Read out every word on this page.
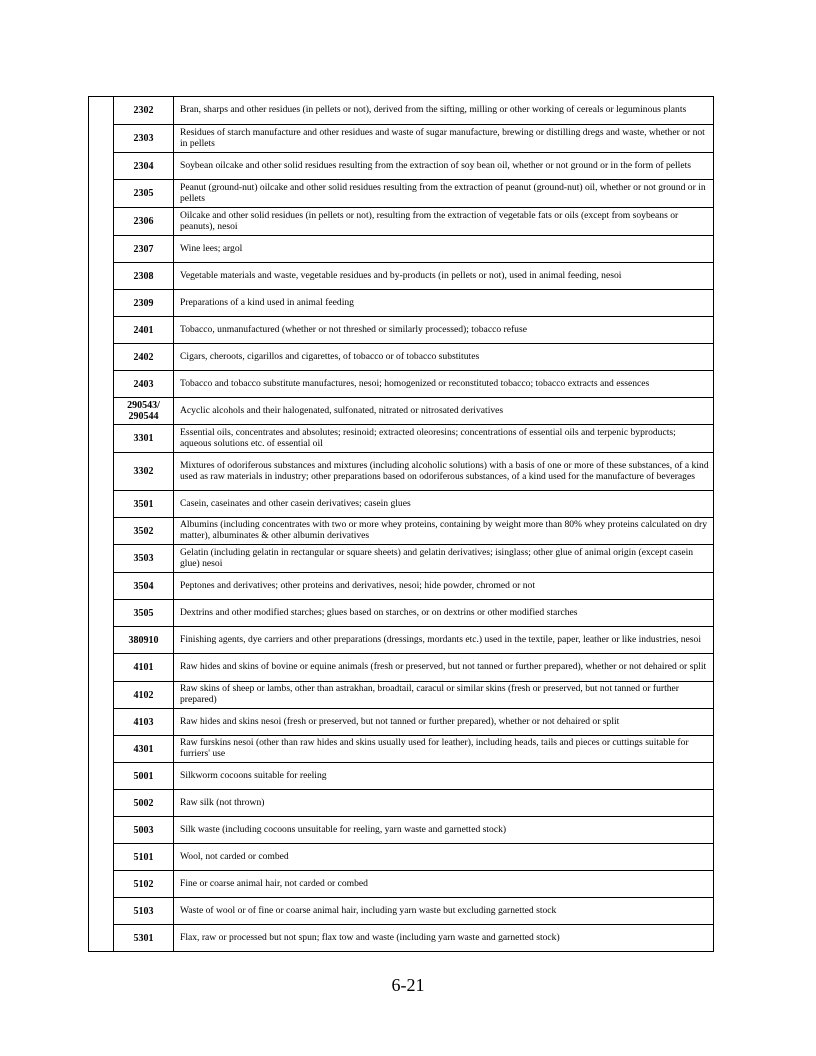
	2302	Bran, sharps and other residues (in pellets or not), derived from the sifting, milling or other working of cereals or leguminous plants
	2303	Residues of starch manufacture and other residues and waste of sugar manufacture, brewing or distilling dregs and waste, whether or not in pellets
	2304	Soybean oilcake and other solid residues resulting from the extraction of soy bean oil, whether or not ground or in the form of pellets
	2305	Peanut (ground-nut) oilcake and other solid residues resulting from the extraction of peanut (ground-nut) oil, whether or not ground or in pellets
	2306	Oilcake and other solid residues (in pellets or not), resulting from the extraction of vegetable fats or oils (except from soybeans or peanuts), nesoi
	2307	Wine lees; argol
	2308	Vegetable materials and waste, vegetable residues and by-products (in pellets or not), used in animal feeding, nesoi
	2309	Preparations of a kind used in animal feeding
	2401	Tobacco, unmanufactured (whether or not threshed or similarly processed); tobacco refuse
	2402	Cigars, cheroots, cigarillos and cigarettes, of tobacco or of tobacco substitutes
	2403	Tobacco and tobacco substitute manufactures, nesoi; homogenized or reconstituted tobacco; tobacco extracts and essences
	290543/ 290544	Acyclic alcohols and their halogenated, sulfonated, nitrated or nitrosated derivatives
	3301	Essential oils, concentrates and absolutes; resinoid; extracted oleoresins; concentrations of essential oils and terpenic byproducts; aqueous solutions etc. of essential oil
	3302	Mixtures of odoriferous substances and mixtures (including alcoholic solutions) with a basis of one or more of these substances, of a kind used as raw materials in industry; other preparations based on odoriferous substances, of a kind used for the manufacture of beverages
	3501	Casein, caseinates and other casein derivatives; casein glues
	3502	Albumins (including concentrates with two or more whey proteins, containing by weight more than 80% whey proteins calculated on dry matter), albuminates & other albumin derivatives
	3503	Gelatin (including gelatin in rectangular or square sheets) and gelatin derivatives; isinglass; other glue of animal origin (except casein glue) nesoi
	3504	Peptones and derivatives; other proteins and derivatives, nesoi; hide powder, chromed or not
	3505	Dextrins and other modified starches; glues based on starches, or on dextrins or other modified starches
	380910	Finishing agents, dye carriers and other preparations (dressings, mordants etc.) used in the textile, paper, leather or like industries, nesoi
	4101	Raw hides and skins of bovine or equine animals (fresh or preserved, but not tanned or further prepared), whether or not dehaired or split
	4102	Raw skins of sheep or lambs, other than astrakhan, broadtail, caracul or similar skins (fresh or preserved, but not tanned or further prepared)
	4103	Raw hides and skins nesoi (fresh or preserved, but not tanned or further prepared), whether or not dehaired or split
	4301	Raw furskins nesoi (other than raw hides and skins usually used for leather), including heads, tails and pieces or cuttings suitable for furriers' use
	5001	Silkworm cocoons suitable for reeling
	5002	Raw silk (not thrown)
	5003	Silk waste (including cocoons unsuitable for reeling, yarn waste and garnetted stock)
	5101	Wool, not carded or combed
	5102	Fine or coarse animal hair, not carded or combed
	5103	Waste of wool or of fine or coarse animal hair, including yarn waste but excluding garnetted stock
	5301	Flax, raw or processed but not spun; flax tow and waste (including yarn waste and garnetted stock)
6-21
